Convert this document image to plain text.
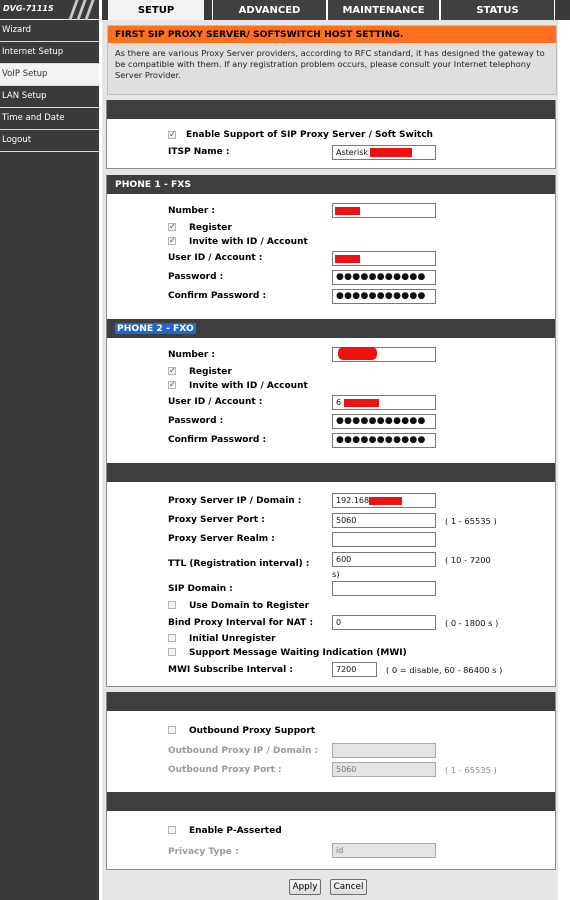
DVG-7111S
Wizard
Internet Setup
VoIP Setup
LAN Setup
Time and Date
Logout
SETUP	ADVANCED	MAINTENANCE	STATUS
FIRST SIP PROXY SERVER/ SOFTSWITCH HOST SETTING.
As there are various Proxy Server providers, according to RFC standard, it has designed the gateway to be compatible with them. If any registration problem occurs, please consult your Internet telephony Server Provider.
✓ Enable Support of SIP Proxy Server / Soft Switch
ITSP Name :	Asterisk
PHONE 1 - FXS
Number :
✓ Register
✓ Invite with ID / Account
User ID / Account :
Password :	●●●●●●●●●●●
Confirm Password :	●●●●●●●●●●●
PHONE 2 - FXO
Number :
✓ Register
✓ Invite with ID / Account
User ID / Account :	6
Password :	●●●●●●●●●●●
Confirm Password :	●●●●●●●●●●●
Proxy Server IP / Domain :	192.168
Proxy Server Port :	5060	( 1 - 65535 )
Proxy Server Realm :
TTL (Registration interval) :	600	( 10 - 7200
s)
SIP Domain :
Use Domain to Register
Bind Proxy Interval for NAT :	0	( 0 - 1800 s )
Initial Unregister
Support Message Waiting Indication (MWI)
MWI Subscribe Interval :	7200	( 0 = disable, 60 - 86400 s )
Outbound Proxy Support
Outbound Proxy IP / Domain :
Outbound Proxy Port :	5060	( 1 - 65535 )
Enable P-Asserted
Privacy Type :	id
Apply	Cancel
